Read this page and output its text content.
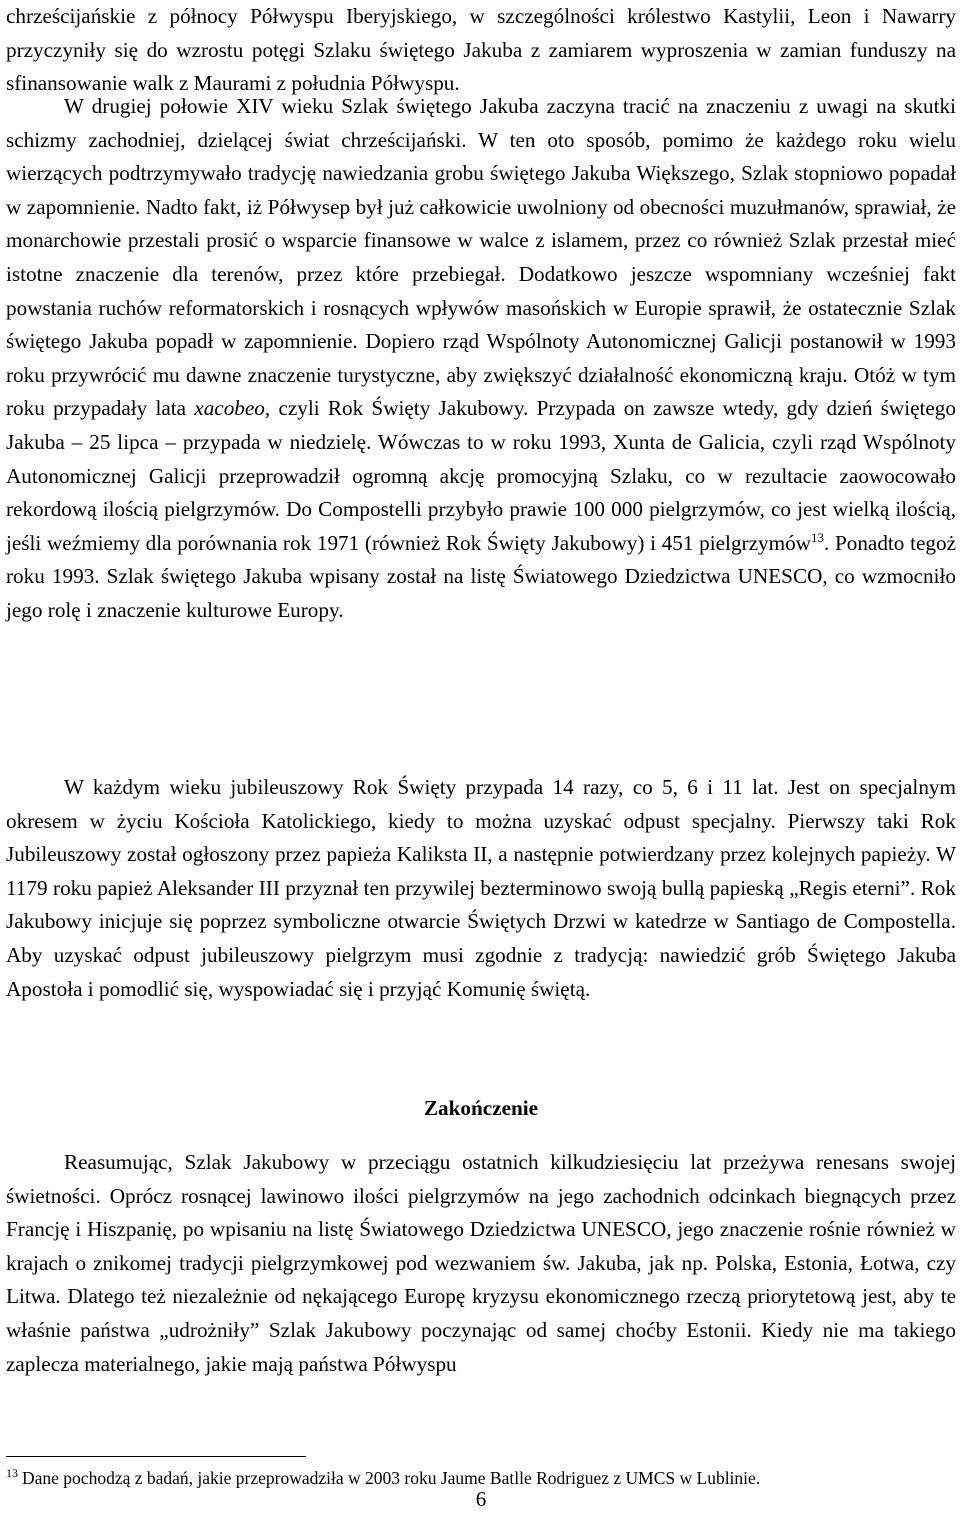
chrześcijańskie z północy Półwyspu Iberyjskiego, w szczególności królestwo Kastylii, Leon i Nawarry przyczyniły się do wzrostu potęgi Szlaku świętego Jakuba z zamiarem wyproszenia w zamian funduszy na sfinansowanie walk z Maurami z południa Półwyspu.

W drugiej połowie XIV wieku Szlak świętego Jakuba zaczyna tracić na znaczeniu z uwagi na skutki schizmy zachodniej, dzielącej świat chrześcijański. W ten oto sposób, pomimo że każdego roku wielu wierzących podtrzymywało tradycję nawiedzania grobu świętego Jakuba Większego, Szlak stopniowo popadał w zapomnienie. Nadto fakt, iż Półwysep był już całkowicie uwolniony od obecności muzułmanów, sprawiał, że monarchowie przestali prosić o wsparcie finansowe w walce z islamem, przez co również Szlak przestał mieć istotne znaczenie dla terenów, przez które przebiegał. Dodatkowo jeszcze wspomniany wcześniej fakt powstania ruchów reformatorskich i rosnących wpływów masońskich w Europie sprawił, że ostatecznie Szlak świętego Jakuba popadł w zapomnienie. Dopiero rząd Wspólnoty Autonomicznej Galicji postanowił w 1993 roku przywrócić mu dawne znaczenie turystyczne, aby zwiększyć działalność ekonomiczną kraju. Otóż w tym roku przypadały lata xacobeo, czyli Rok Święty Jakubowy. Przypada on zawsze wtedy, gdy dzień świętego Jakuba – 25 lipca – przypada w niedzielę. Wówczas to w roku 1993, Xunta de Galicia, czyli rząd Wspólnoty Autonomicznej Galicji przeprowadził ogromną akcję promocyjną Szlaku, co w rezultacie zaowocowało rekordową ilością pielgrzymów. Do Compostelli przybyło prawie 100 000 pielgrzymów, co jest wielką ilością, jeśli weźmiemy dla porównania rok 1971 (również Rok Święty Jakubowy) i 451 pielgrzymów$^{13}$. Ponadto tegoż roku 1993. Szlak świętego Jakuba wpisany został na listę Światowego Dziedzictwa UNESCO, co wzmocniło jego rolę i znaczenie kulturowe Europy.

W każdym wieku jubileuszowy Rok Święty przypada 14 razy, co 5, 6 i 11 lat. Jest on specjalnym okresem w życiu Kościoła Katolickiego, kiedy to można uzyskać odpust specjalny. Pierwszy taki Rok Jubileuszowy został ogłoszony przez papieża Kaliksta II, a następnie potwierdzany przez kolejnych papieży. W 1179 roku papież Aleksander III przyznał ten przywilej bezterminowo swoją bullą papieską „Regis eterni”. Rok Jakubowy inicjuje się poprzez symboliczne otwarcie Świętych Drzwi w katedrze w Santiago de Compostella. Aby uzyskać odpust jubileuszowy pielgrzym musi zgodnie z tradycją: nawiedzić grób Świętego Jakuba Apostoła i pomodlić się, wyspowiadać się i przyjąć Komunię świętą.

Zakończenie

Reasumując, Szlak Jakubowy w przeciągu ostatnich kilkudziesięciu lat przeżywa renesans swojej świetności. Oprócz rosnącej lawinowo ilości pielgrzymów na jego zachodnich odcinkach biegnących przez Francję i Hiszpanię, po wpisaniu na listę Światowego Dziedzictwa UNESCO, jego znaczenie rośnie również w krajach o znikomej tradycji pielgrzymkowej pod wezwaniem św. Jakuba, jak np. Polska, Estonia, Łotwa, czy Litwa. Dlatego też niezależnie od nękającego Europę kryzysu ekonomicznego rzeczą priorytetową jest, aby te właśnie państwa „udrożniły” Szlak Jakubowy poczynając od samej choćby Estonii. Kiedy nie ma takiego zaplecza materialnego, jakie mają państwa Półwyspu

$^{13}$ Dane pochodzą z badań, jakie przeprowadziła w 2003 roku Jaume Batlle Rodriguez z UMCS w Lublinie.

6
